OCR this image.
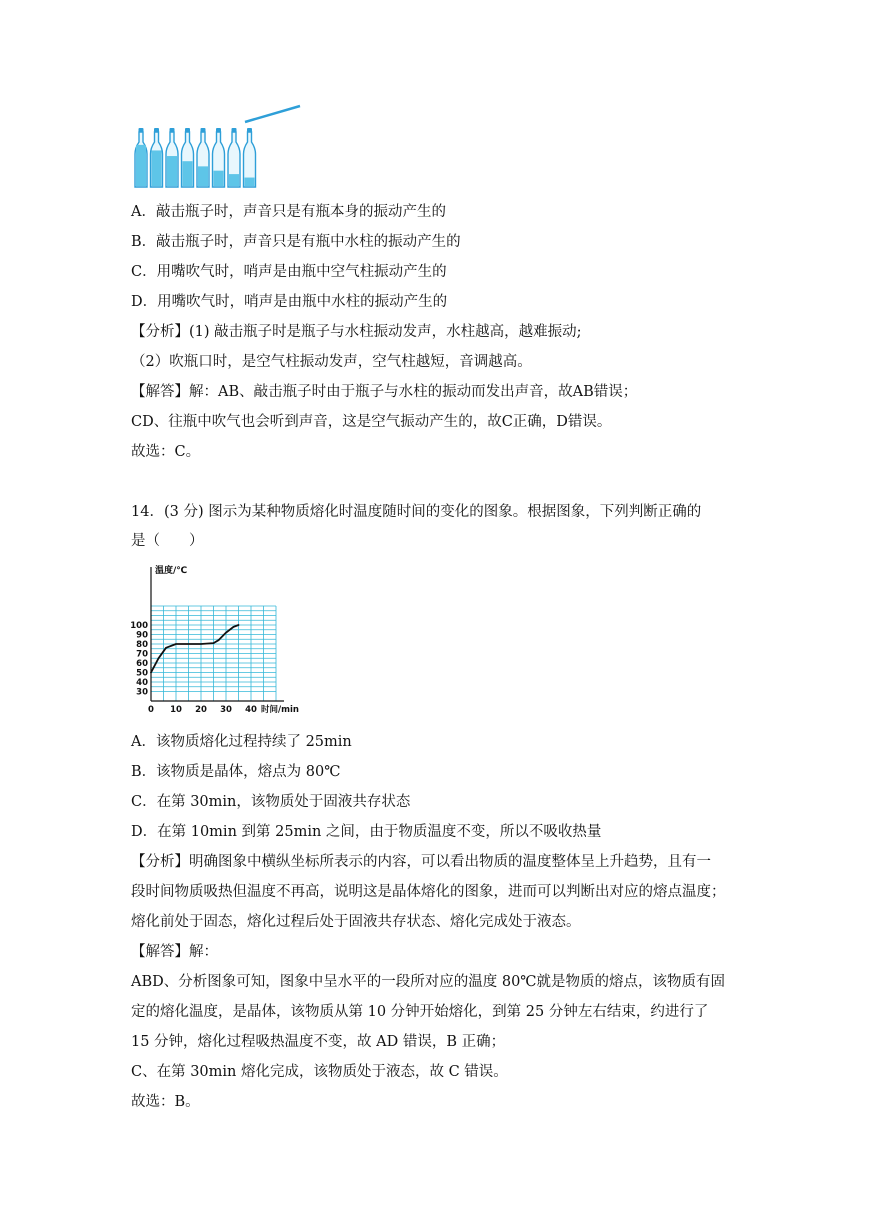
A．敲击瓶子时，声音只是有瓶本身的振动产生的
B．敲击瓶子时，声音只是有瓶中水柱的振动产生的
C．用嘴吹气时，哨声是由瓶中空气柱振动产生的
D．用嘴吹气时，哨声是由瓶中水柱的振动产生的
【分析】(1) 敲击瓶子时是瓶子与水柱振动发声，水柱越高，越难振动;
（2）吹瓶口时，是空气柱振动发声，空气柱越短，音调越高。
【解答】解：AB、敲击瓶子时由于瓶子与水柱的振动而发出声音，故AB错误；
CD、往瓶中吹气也会听到声音，这是空气振动产生的，故C正确，D错误。
故选：C。
14．(3 分) 图示为某种物质熔化时温度随时间的变化的图象。根据图象，下列判断正确的
是（　　）
30
40
50
60
70
80
90
100
0 10 20 30 40
温度/℃
时间/min
A．该物质熔化过程持续了 25min
B．该物质是晶体，熔点为 80℃
C．在第 30min，该物质处于固液共存状态
D．在第 10min 到第 25min 之间，由于物质温度不变，所以不吸收热量
【分析】明确图象中横纵坐标所表示的内容，可以看出物质的温度整体呈上升趋势，且有一
段时间物质吸热但温度不再高，说明这是晶体熔化的图象，进而可以判断出对应的熔点温度；
熔化前处于固态，熔化过程后处于固液共存状态、熔化完成处于液态。
【解答】解：
ABD、分析图象可知，图象中呈水平的一段所对应的温度 80℃就是物质的熔点，该物质有固
定的熔化温度，是晶体，该物质从第 10 分钟开始熔化，到第 25 分钟左右结束，约进行了
15 分钟，熔化过程吸热温度不变，故 AD 错误，B 正确；
C、在第 30min 熔化完成，该物质处于液态，故 C 错误。
故选：B。
